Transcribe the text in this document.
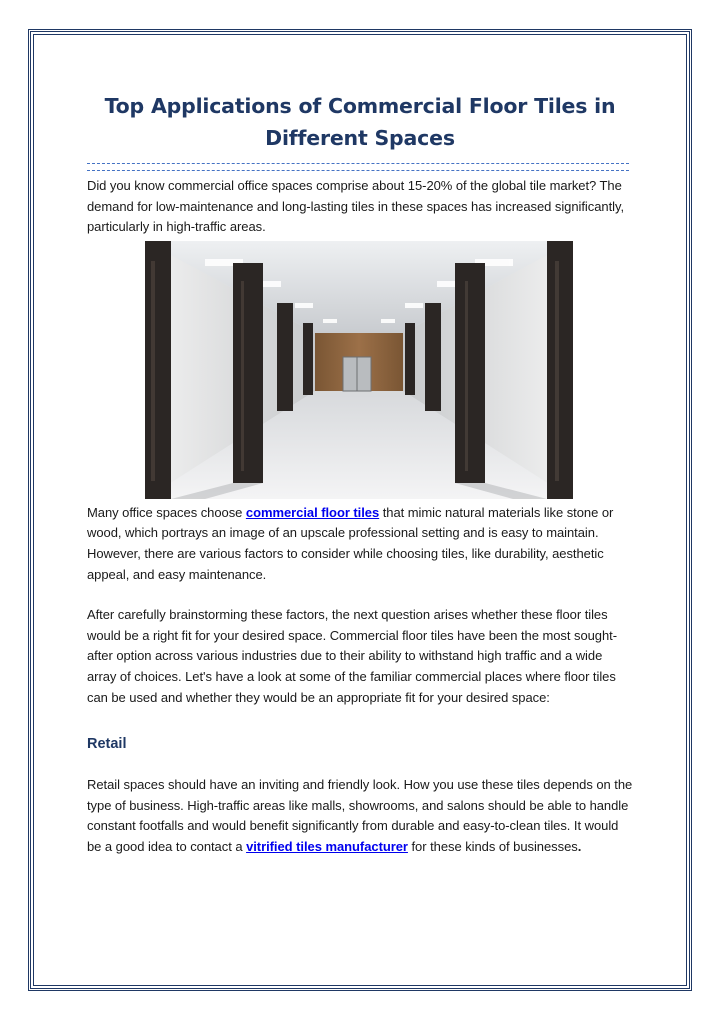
Top Applications of Commercial Floor Tiles in Different Spaces

Did you know commercial office spaces comprise about 15-20% of the global tile market? The demand for low-maintenance and long-lasting tiles in these spaces has increased significantly, particularly in high-traffic areas.

Many office spaces choose commercial floor tiles that mimic natural materials like stone or wood, which portrays an image of an upscale professional setting and is easy to maintain. However, there are various factors to consider while choosing tiles, like durability, aesthetic appeal, and easy maintenance.

After carefully brainstorming these factors, the next question arises whether these floor tiles would be a right fit for your desired space. Commercial floor tiles have been the most sought-after option across various industries due to their ability to withstand high traffic and a wide array of choices. Let's have a look at some of the familiar commercial places where floor tiles can be used and whether they would be an appropriate fit for your desired space:

Retail

Retail spaces should have an inviting and friendly look. How you use these tiles depends on the type of business. High-traffic areas like malls, showrooms, and salons should be able to handle constant footfalls and would benefit significantly from durable and easy-to-clean tiles. It would be a good idea to contact a vitrified tiles manufacturer for these kinds of businesses.
